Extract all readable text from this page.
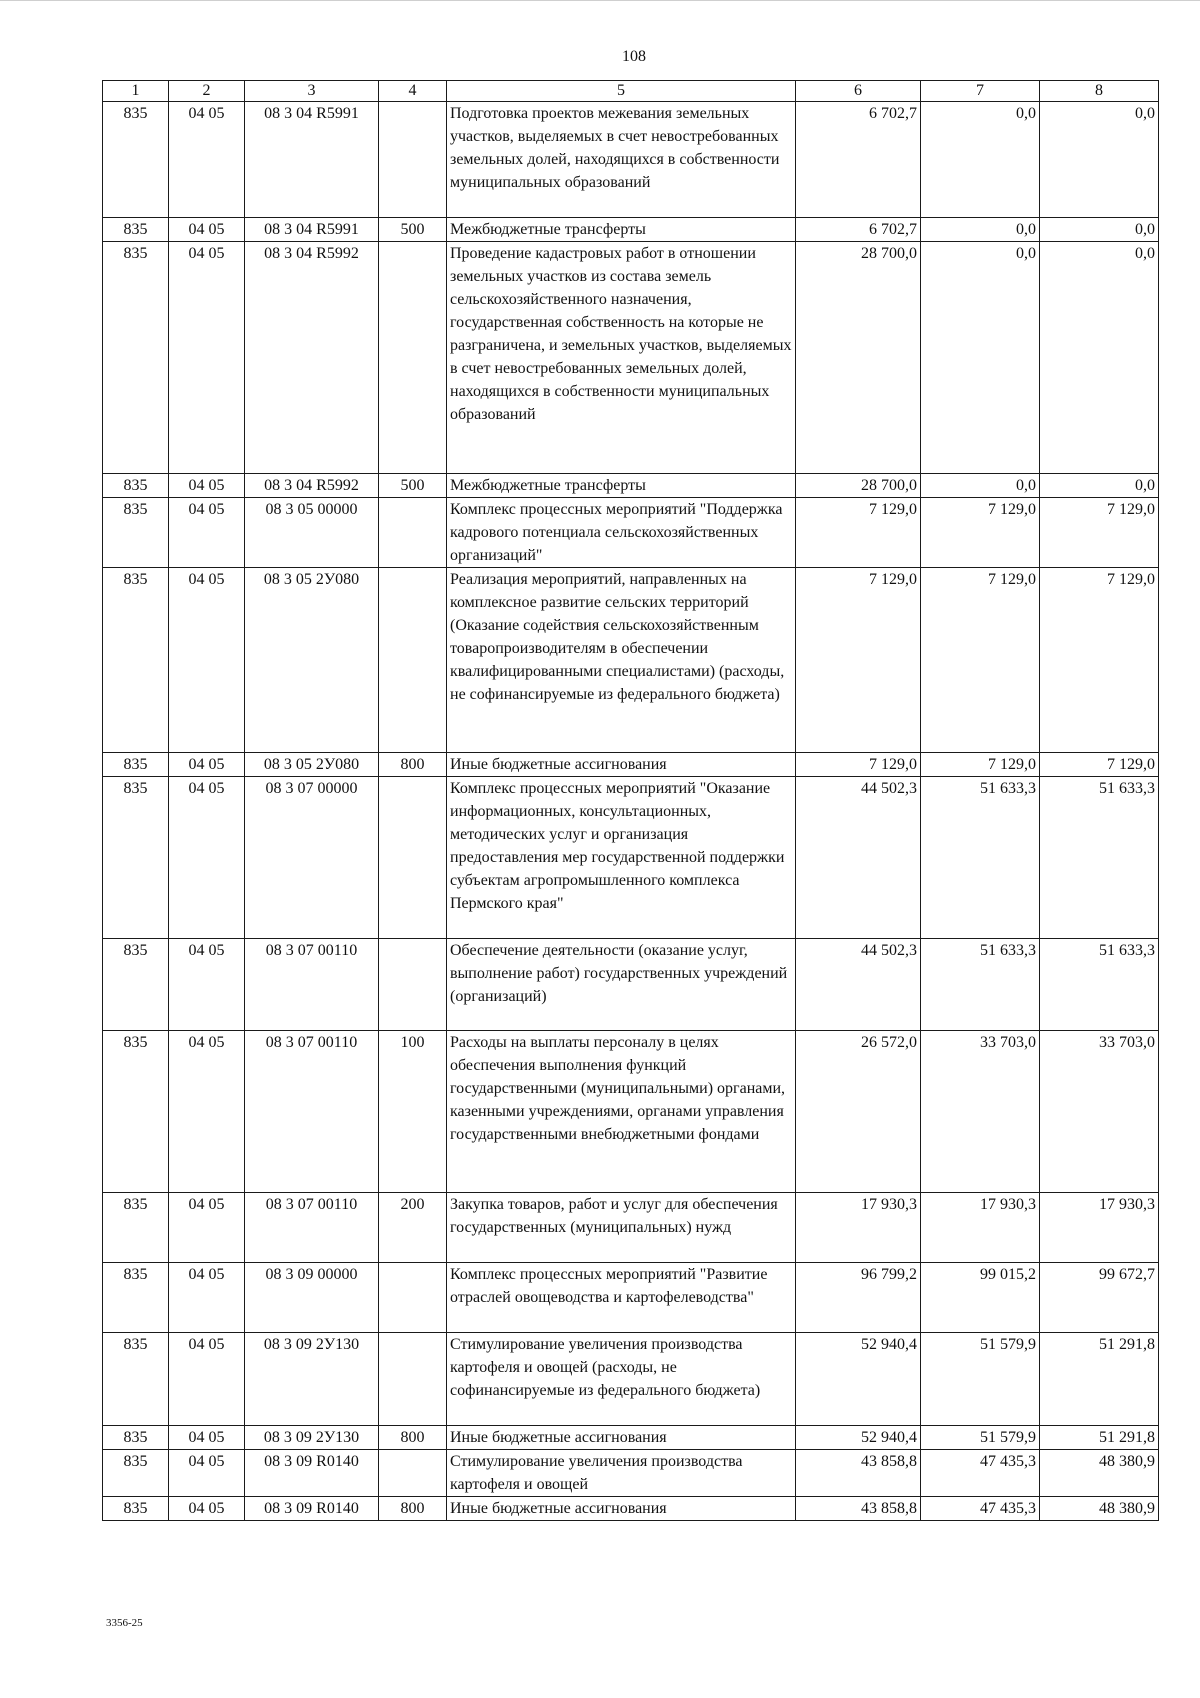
108
1	2	3	4	5	6	7	8
835	04 05	08 3 04 R5991		Подготовка проектов межевания земельных участков, выделяемых в счет невостребованных земельных долей, находящихся в собственности муниципальных образований	6 702,7	0,0	0,0
835	04 05	08 3 04 R5991	500	Межбюджетные трансферты	6 702,7	0,0	0,0
835	04 05	08 3 04 R5992		Проведение кадастровых работ в отношении земельных участков из состава земель сельскохозяйственного назначения, государственная собственность на которые не разграничена, и земельных участков, выделяемых в счет невостребованных земельных долей, находящихся в собственности муниципальных образований	28 700,0	0,0	0,0
835	04 05	08 3 04 R5992	500	Межбюджетные трансферты	28 700,0	0,0	0,0
835	04 05	08 3 05 00000		Комплекс процессных мероприятий "Поддержка кадрового потенциала сельскохозяйственных организаций"	7 129,0	7 129,0	7 129,0
835	04 05	08 3 05 2У080		Реализация мероприятий, направленных на комплексное развитие сельских территорий (Оказание содействия сельскохозяйственным товаропроизводителям в обеспечении квалифицированными специалистами) (расходы, не софинансируемые из федерального бюджета)	7 129,0	7 129,0	7 129,0
835	04 05	08 3 05 2У080	800	Иные бюджетные ассигнования	7 129,0	7 129,0	7 129,0
835	04 05	08 3 07 00000		Комплекс процессных мероприятий "Оказание информационных, консультационных, методических услуг и организация предоставления мер государственной поддержки субъектам агропромышленного комплекса Пермского края"	44 502,3	51 633,3	51 633,3
835	04 05	08 3 07 00110		Обеспечение деятельности (оказание услуг, выполнение работ) государственных учреждений (организаций)	44 502,3	51 633,3	51 633,3
835	04 05	08 3 07 00110	100	Расходы на выплаты персоналу в целях обеспечения выполнения функций государственными (муниципальными) органами, казенными учреждениями, органами управления государственными внебюджетными фондами	26 572,0	33 703,0	33 703,0
835	04 05	08 3 07 00110	200	Закупка товаров, работ и услуг для обеспечения государственных (муниципальных) нужд	17 930,3	17 930,3	17 930,3
835	04 05	08 3 09 00000		Комплекс процессных мероприятий "Развитие отраслей овощеводства и картофелеводства"	96 799,2	99 015,2	99 672,7
835	04 05	08 3 09 2У130		Стимулирование увеличения производства картофеля и овощей (расходы, не софинансируемые из федерального бюджета)	52 940,4	51 579,9	51 291,8
835	04 05	08 3 09 2У130	800	Иные бюджетные ассигнования	52 940,4	51 579,9	51 291,8
835	04 05	08 3 09 R0140		Стимулирование увеличения производства картофеля и овощей	43 858,8	47 435,3	48 380,9
835	04 05	08 3 09 R0140	800	Иные бюджетные ассигнования	43 858,8	47 435,3	48 380,9
3356-25
